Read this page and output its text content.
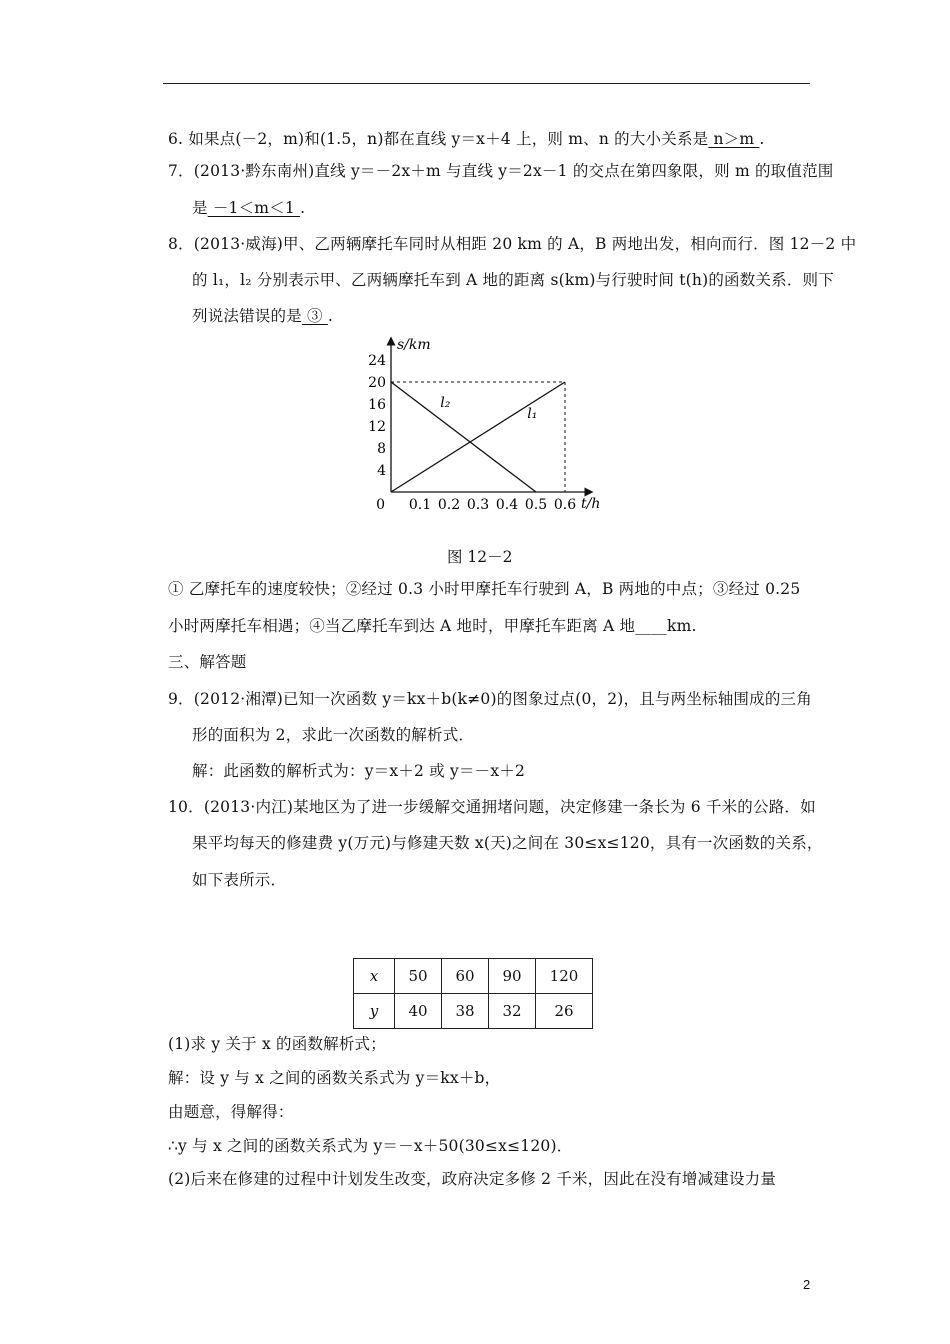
6. 如果点(－2，m)和(1.5，n)都在直线 y＝x＋4 上，则 m、n 的大小关系是 n＞m .
7．(2013·黔东南州)直线 y＝－2x＋m 与直线 y＝2x－1 的交点在第四象限，则 m 的取值范围
是 －1＜m＜1 .
8．(2013·威海)甲、乙两辆摩托车同时从相距 20 km 的 A，B 两地出发，相向而行．图 12－2 中
的 l₁，l₂ 分别表示甲、乙两辆摩托车到 A 地的距离 s(km)与行驶时间 t(h)的函数关系．则下
列说法错误的是 ③ .
0.1 0.2 0.3 0.4 0.5 0.6
4
8
12
16
20
24
0	t/h
s/km
l₂
l₁
图 12－2
① 乙摩托车的速度较快；②经过 0.3 小时甲摩托车行驶到 A，B 两地的中点；③经过 0.25
小时两摩托车相遇；④当乙摩托车到达 A 地时，甲摩托车距离 A 地____km.
三、解答题
9．(2012·湘潭)已知一次函数 y＝kx＋b(k≠0)的图象过点(0，2)，且与两坐标轴围成的三角
形的面积为 2，求此一次函数的解析式．
解：此函数的解析式为：y＝x＋2 或 y＝－x＋2
10．(2013·内江)某地区为了进一步缓解交通拥堵问题，决定修建一条长为 6 千米的公路．如
果平均每天的修建费 y(万元)与修建天数 x(天)之间在 30≤x≤120，具有一次函数的关系，
如下表所示．
x	50	60	90	120
y	40	38	32	26
(1)求 y 关于 x 的函数解析式；
解：设 y 与 x 之间的函数关系式为 y＝kx＋b，
由题意，得解得：
∴y 与 x 之间的函数关系式为 y＝－x＋50(30≤x≤120)．
(2)后来在修建的过程中计划发生改变，政府决定多修 2 千米，因此在没有增减建设力量
2
